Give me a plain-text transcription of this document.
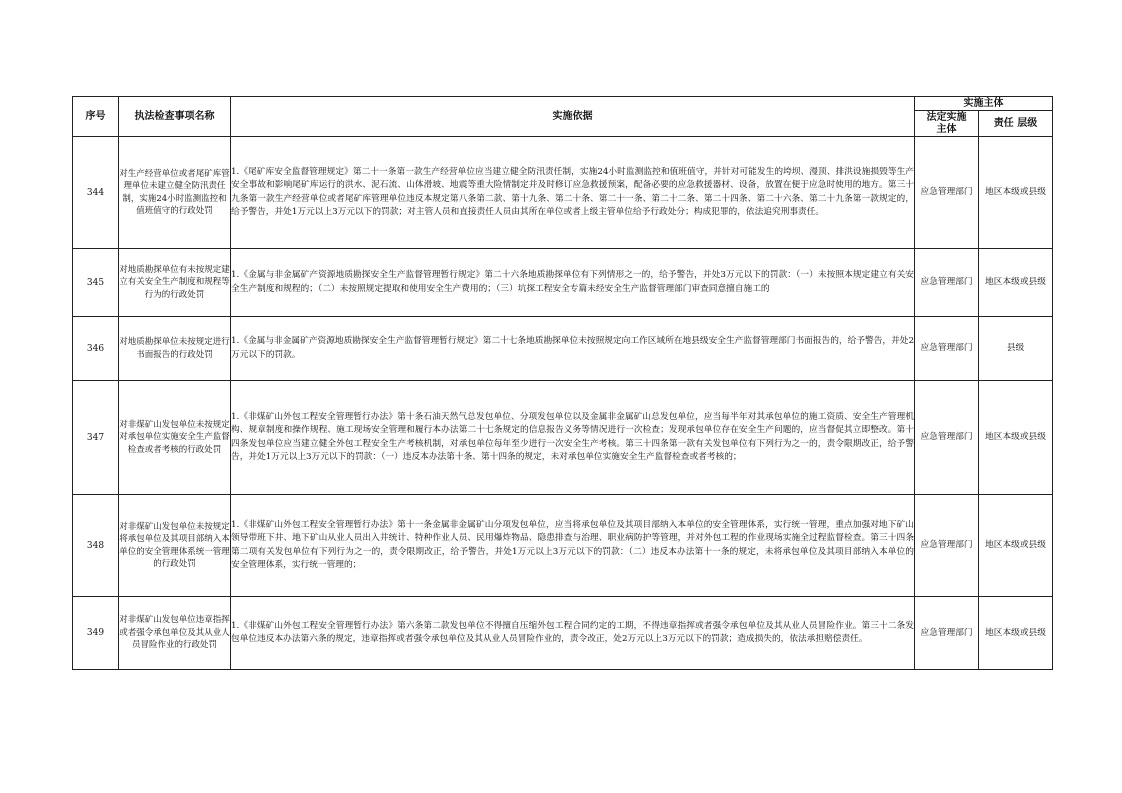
序号	执法检查事项名称	实施依据	实施主体	
			法定实施主体	责任 层级
344	对生产经营单位或者尾矿库管理单位未建立健全防汛责任制，实施24小时监测监控和值班值守的行政处罚	1.《尾矿库安全监督管理规定》第二十一条第一款生产经营单位应当建立健全防汛责任制，实施24小时监测监控和值班值守，并针对可能发生的垮坝、漫顶、排洪设施损毁等生产安全事故和影响尾矿库运行的洪水、泥石流、山体滑坡、地震等重大险情制定并及时修订应急救援预案，配备必要的应急救援器材、设备，放置在便于应急时使用的地方。第三十九条第一款生产经营单位或者尾矿库管理单位违反本规定第八条第二款、第十九条、第二十条、第二十一条、第二十二条、第二十四条、第二十六条、第二十九条第一款规定的，给予警告，并处1万元以上3万元以下的罚款；对主管人员和直接责任人员由其所在单位或者上级主管单位给予行政处分；构成犯罪的，依法追究刑事责任。	应急管理部门	地区本级或县级
345	对地质勘探单位有未按规定建立有关安全生产制度和规程等行为的行政处罚	1.《金属与非金属矿产资源地质勘探安全生产监督管理暂行规定》第二十六条地质勘探单位有下列情形之一的，给予警告，并处3万元以下的罚款：（一）未按照本规定建立有关安全生产制度和规程的；（二）未按照规定提取和使用安全生产费用的；（三）坑探工程安全专篇未经安全生产监督管理部门审查同意擅自施工的	应急管理部门	地区本级或县级
346	对地质勘探单位未按规定进行书面报告的行政处罚	1.《金属与非金属矿产资源地质勘探安全生产监督管理暂行规定》第二十七条地质勘探单位未按照规定向工作区域所在地县级安全生产监督管理部门书面报告的，给予警告，并处2万元以下的罚款。	应急管理部门	县级
347	对非煤矿山发包单位未按规定对承包单位实施安全生产监督检查或者考核的行政处罚	1.《非煤矿山外包工程安全管理暂行办法》第十条石油天然气总发包单位、分项发包单位以及金属非金属矿山总发包单位，应当每半年对其承包单位的施工资质、安全生产管理机构、规章制度和操作规程、施工现场安全管理和履行本办法第二十七条规定的信息报告义务等情况进行一次检查；发现承包单位存在安全生产问题的，应当督促其立即整改。第十四条发包单位应当建立健全外包工程安全生产考核机制，对承包单位每年至少进行一次安全生产考核。第三十四条第一款有关发包单位有下列行为之一的，责令限期改正，给予警告，并处1万元以上3万元以下的罚款：（一）违反本办法第十条、第十四条的规定，未对承包单位实施安全生产监督检查或者考核的；	应急管理部门	地区本级或县级
348	对非煤矿山发包单位未按规定将承包单位及其项目部纳入本单位的安全管理体系统一管理的行政处罚	1.《非煤矿山外包工程安全管理暂行办法》第十一条金属非金属矿山分项发包单位，应当将承包单位及其项目部纳入本单位的安全管理体系，实行统一管理，重点加强对地下矿山领导带班下井、地下矿山从业人员出入井统计、特种作业人员、民用爆炸物品、隐患排查与治理、职业病防护等管理，并对外包工程的作业现场实施全过程监督检查。第三十四条第二项有关发包单位有下列行为之一的，责令限期改正，给予警告，并处1万元以上3万元以下的罚款：（二）违反本办法第十一条的规定，未将承包单位及其项目部纳入本单位的安全管理体系，实行统一管理的；	应急管理部门	地区本级或县级
349	对非煤矿山发包单位违章指挥或者强令承包单位及其从业人员冒险作业的行政处罚	1.《非煤矿山外包工程安全管理暂行办法》第六条第二款发包单位不得擅自压缩外包工程合同约定的工期，不得违章指挥或者强令承包单位及其从业人员冒险作业。第三十二条发包单位违反本办法第六条的规定，违章指挥或者强令承包单位及其从业人员冒险作业的，责令改正，处2万元以上3万元以下的罚款；造成损失的，依法承担赔偿责任。	应急管理部门	地区本级或县级
